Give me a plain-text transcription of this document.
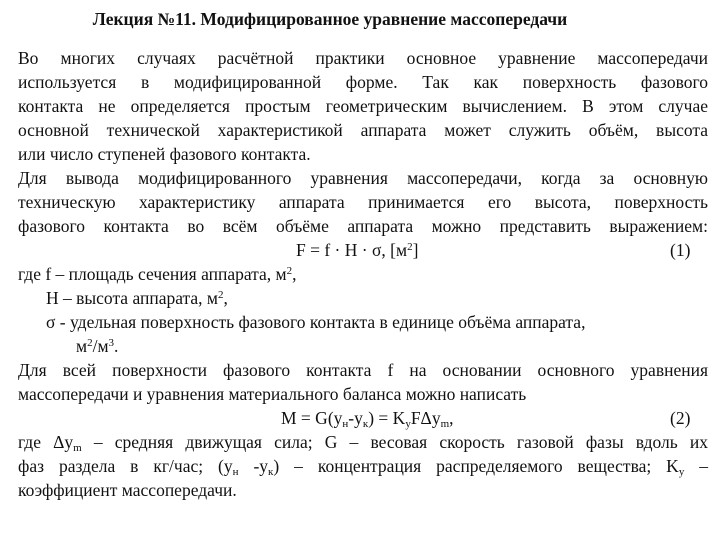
Лекция №11. Модифицированное уравнение массопередачи
Во многих случаях расчётной практики основное уравнение массопередачи
используется в модифицированной форме. Так как поверхность фазового
контакта не определяется простым геометрическим вычислением. В этом случае
основной технической характеристикой аппарата может служить объём, высота
или число ступеней фазового контакта.
Для вывода модифицированного уравнения массопередачи, когда за основную
техническую характеристику аппарата принимается его высота, поверхность
фазового контакта во всём объёме аппарата можно представить выражением:
F = f · H · σ, $[м^2]$	(1)
где f – площадь сечения аппарата, $м^2$,
H – высота аппарата, $м^2$,
σ - удельная поверхность фазового контакта в единице объёма аппарата,
$м^2/м^3$.
Для всей поверхности фазового контакта f на основании основного уравнения
массопередачи и уравнения материального баланса можно написать
$M = G(y_н-y_к) = K_yF\Delta y_m$,	(2)
где $\Delta y_m$ – средняя движущая сила; G – весовая скорость газовой фазы вдоль их
фаз раздела в кг/час; ($y_н$ $-y_к$) – концентрация распределяемого вещества; $K_y$ –
коэффициент массопередачи.
